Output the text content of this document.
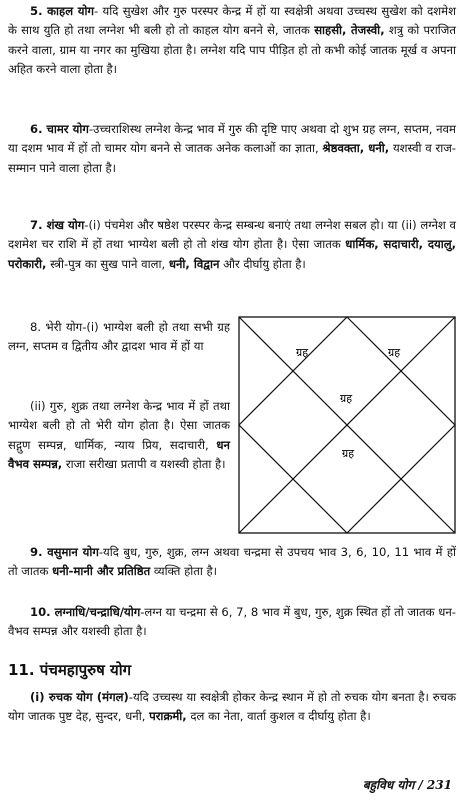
5. काहल योग- यदि सुखेश और गुरु परस्पर केन्द्र में हों या स्वक्षेत्री अथवा उच्चस्थ सुखेश को दशमेश के साथ युति हो तथा लग्नेश भी बली हो तो काहल योग बनने से, जातक साहसी, तेजस्वी, शत्रु को पराजित करने वाला, ग्राम या नगर का मुखिया होता है। लग्नेश यदि पाप पीड़ित हो तो कभी कोई जातक मूर्ख व अपना अहित करने वाला होता है।

6. चामर योग-उच्चराशिस्थ लग्नेश केन्द्र भाव में गुरु की दृष्टि पाए अथवा दो शुभ ग्रह लग्न, सप्तम, नवम या दशम भाव में हों तो चामर योग बनने से जातक अनेक कलाओं का ज्ञाता, श्रेष्ठवक्ता, धनी, यशस्वी व राज-सम्मान पाने वाला होता है।

7. शंख योग-(i) पंचमेश और षष्ठेश परस्पर केन्द्र सम्बन्ध बनाएं तथा लग्नेश सबल हो। या (ii) लग्नेश व दशमेश चर राशि में हों तथा भाग्येश बली हो तो शंख योग होता है। ऐसा जातक धार्मिक, सदाचारी, दयालु, परोकारी, स्त्री-पुत्र का सुख पाने वाला, धनी, विद्वान और दीर्घायु होता है।

8. भेरी योग-(i) भाग्येश बली हो तथा सभी ग्रह लग्न, सप्तम व द्वितीय और द्वादश भाव में हों या

(ii) गुरु, शुक्र तथा लग्नेश केन्द्र भाव में हों तथा भाग्येश बली हो तो भेरी योग होता है। ऐसा जातक सद्गुण सम्पन्न, धार्मिक, न्याय प्रिय, सदाचारी, धन वैभव सम्पन्न, राजा सरीखा प्रतापी व यशस्वी होता है।

ग्रह	ग्रह
ग्रह
ग्रह

9. वसुमान योग-यदि बुध, गुरु, शुक्र, लग्न अथवा चन्द्रमा से उपचय भाव 3, 6, 10, 11 भाव में हों तो जातक धनी-मानी और प्रतिष्ठित व्यक्ति होता है।

10. लग्नाधि/चन्द्राधि/योग-लग्न या चन्द्रमा से 6, 7, 8 भाव में बुध, गुरु, शुक्र स्थित हों तो जातक धन-वैभव सम्पन्न और यशस्वी होता है।

11. पंचमहापुरुष योग

(i) रुचक योग (मंगल)-यदि उच्चस्थ या स्वक्षेत्री होकर केन्द्र स्थान में हो तो रुचक योग बनता है। रुचक योग जातक पुष्ट देह, सुन्दर, धनी, पराक्रमी, दल का नेता, वार्ता कुशल व दीर्घायु होता है।

बहुविध योग / 231
